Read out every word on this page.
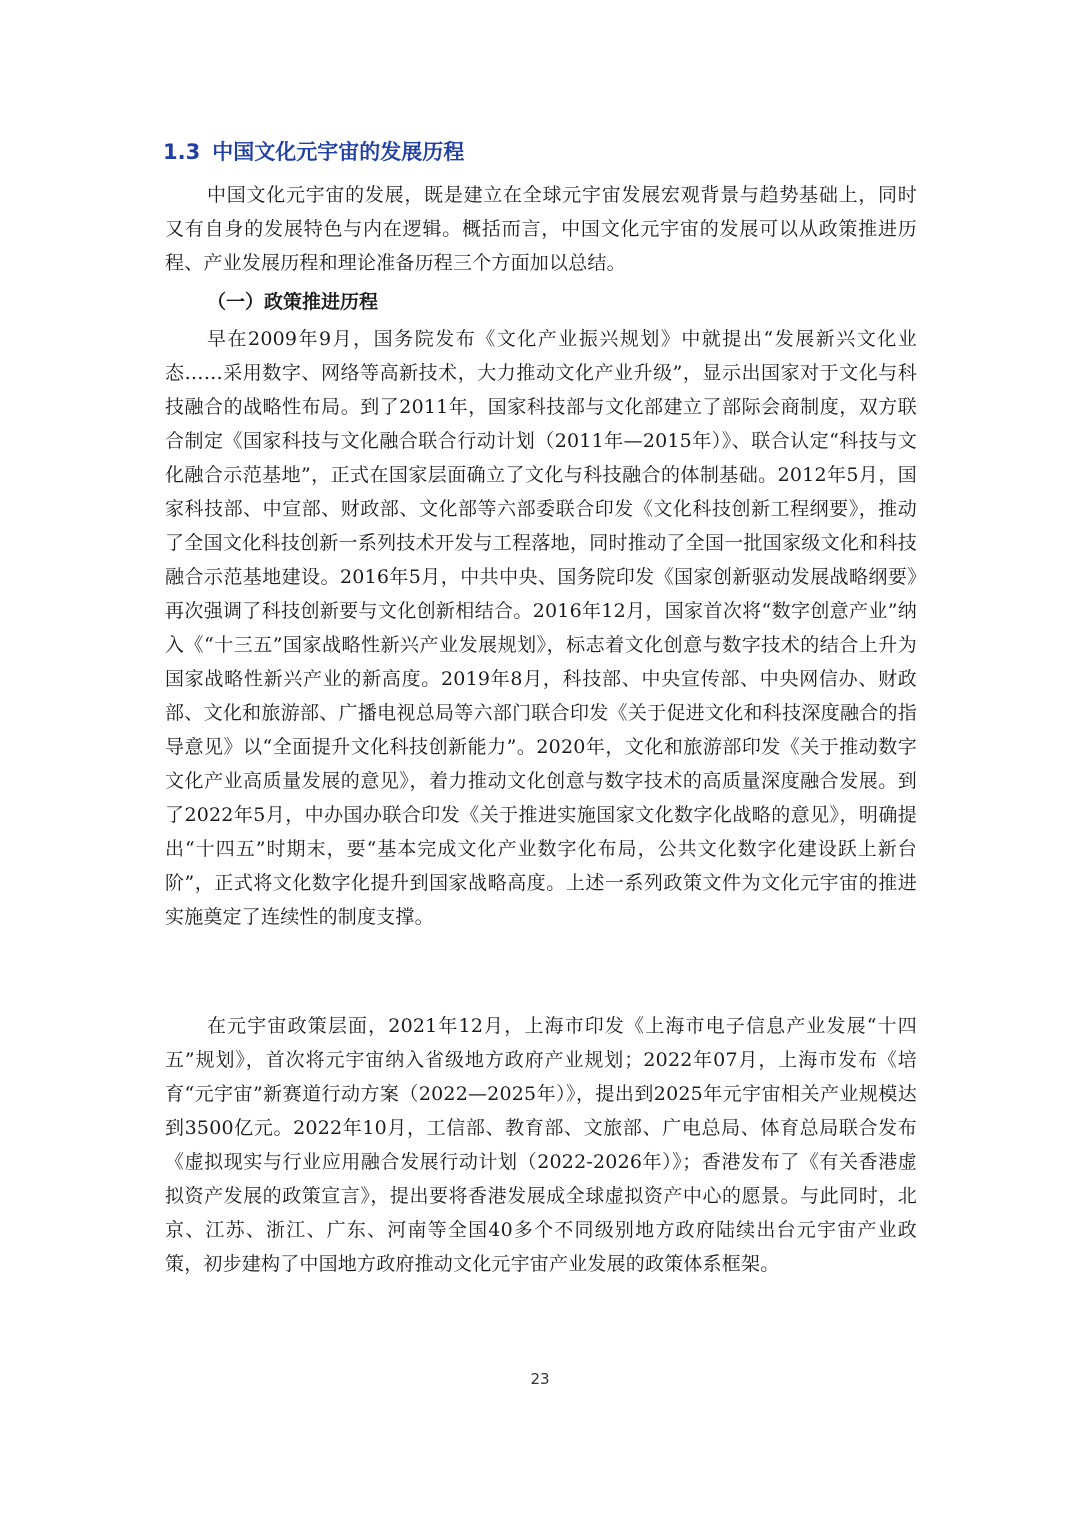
1.3 中国文化元宇宙的发展历程

中国文化元宇宙的发展，既是建立在全球元宇宙发展宏观背景与趋势基础上，同时又有自身的发展特色与内在逻辑。概括而言，中国文化元宇宙的发展可以从政策推进历程、产业发展历程和理论准备历程三个方面加以总结。

（一）政策推进历程

早在2009年9月，国务院发布《文化产业振兴规划》中就提出“发展新兴文化业态……采用数字、网络等高新技术，大力推动文化产业升级”，显示出国家对于文化与科技融合的战略性布局。到了2011年，国家科技部与文化部建立了部际会商制度，双方联合制定《国家科技与文化融合联合行动计划（2011年—2015年）》、联合认定“科技与文化融合示范基地”，正式在国家层面确立了文化与科技融合的体制基础。2012年5月，国家科技部、中宣部、财政部、文化部等六部委联合印发《文化科技创新工程纲要》，推动了全国文化科技创新一系列技术开发与工程落地，同时推动了全国一批国家级文化和科技融合示范基地建设。2016年5月，中共中央、国务院印发《国家创新驱动发展战略纲要》再次强调了科技创新要与文化创新相结合。2016年12月，国家首次将“数字创意产业”纳入《“十三五”国家战略性新兴产业发展规划》，标志着文化创意与数字技术的结合上升为国家战略性新兴产业的新高度。2019年8月，科技部、中央宣传部、中央网信办、财政部、文化和旅游部、广播电视总局等六部门联合印发《关于促进文化和科技深度融合的指导意见》以“全面提升文化科技创新能力”。2020年，文化和旅游部印发《关于推动数字文化产业高质量发展的意见》，着力推动文化创意与数字技术的高质量深度融合发展。到了2022年5月，中办国办联合印发《关于推进实施国家文化数字化战略的意见》，明确提出“十四五”时期末，要“基本完成文化产业数字化布局，公共文化数字化建设跃上新台阶”，正式将文化数字化提升到国家战略高度。上述一系列政策文件为文化元宇宙的推进实施奠定了连续性的制度支撑。

在元宇宙政策层面，2021年12月，上海市印发《上海市电子信息产业发展“十四五”规划》，首次将元宇宙纳入省级地方政府产业规划；2022年07月，上海市发布《培育“元宇宙”新赛道行动方案（2022—2025年）》，提出到2025年元宇宙相关产业规模达到3500亿元。2022年10月，工信部、教育部、文旅部、广电总局、体育总局联合发布《虚拟现实与行业应用融合发展行动计划（2022-2026年）》；香港发布了《有关香港虚拟资产发展的政策宣言》，提出要将香港发展成全球虚拟资产中心的愿景。与此同时，北京、江苏、浙江、广东、河南等全国40多个不同级别地方政府陆续出台元宇宙产业政策，初步建构了中国地方政府推动文化元宇宙产业发展的政策体系框架。

23
